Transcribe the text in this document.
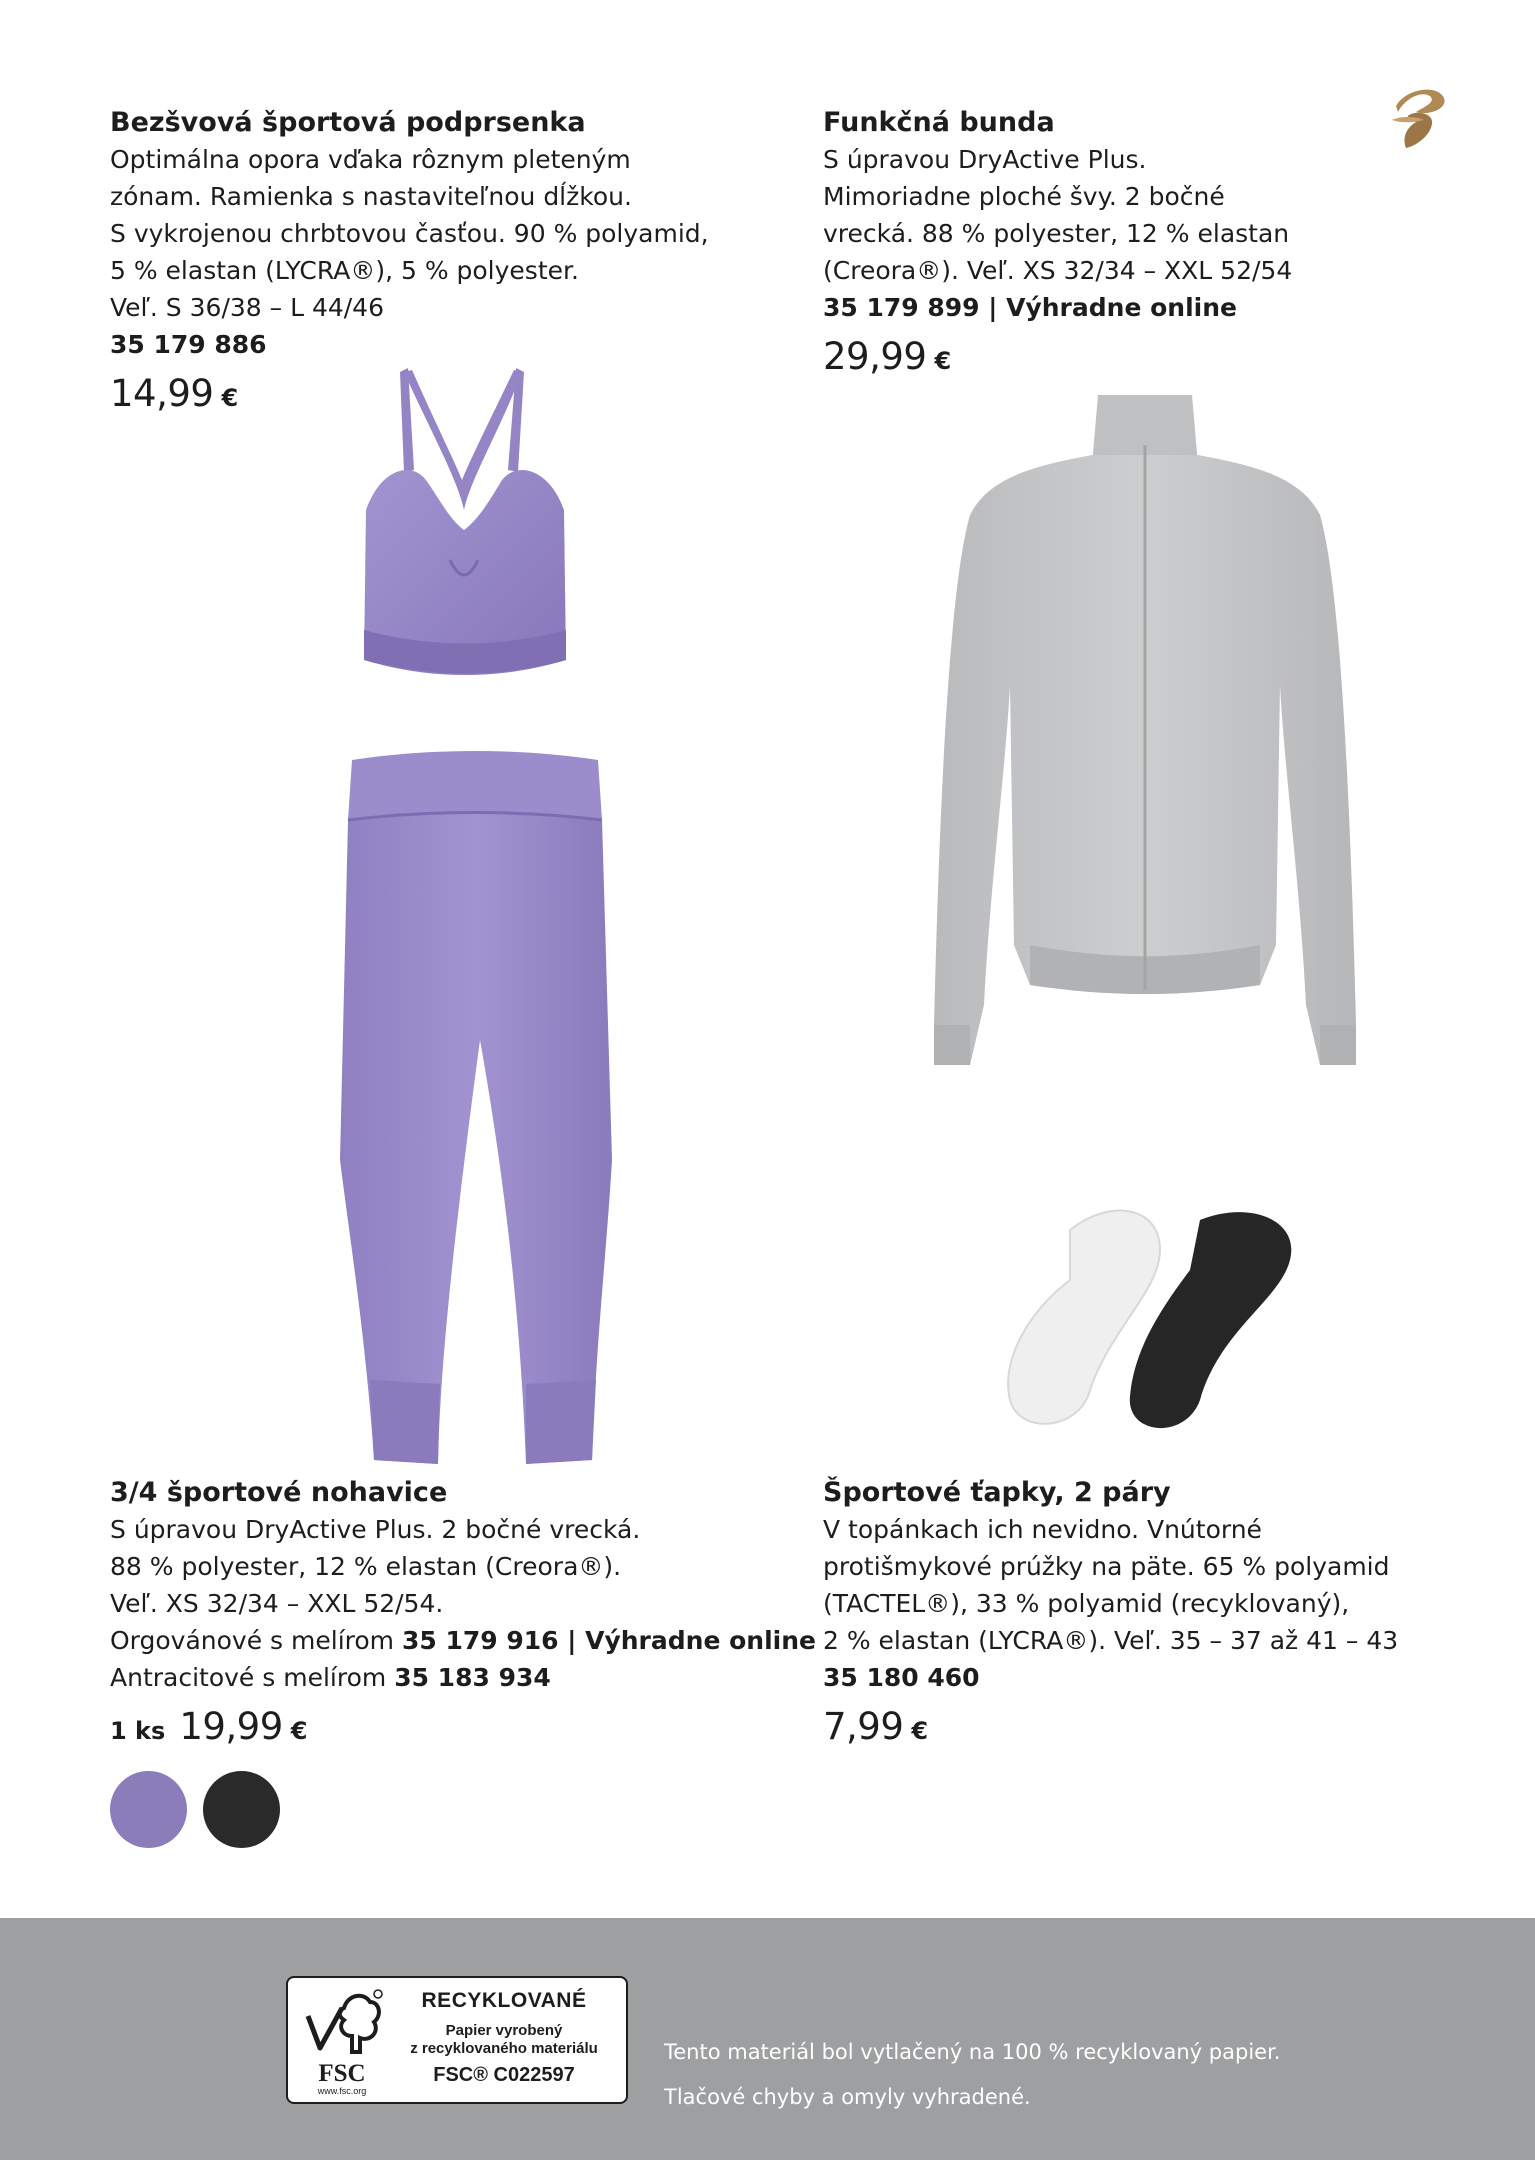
Bezšvová športová podprsenka
Optimálna opora vďaka rôznym pleteným
zónam. Ramienka s nastaviteľnou dĺžkou.
S vykrojenou chrbtovou časťou. 90 % polyamid,
5 % elastan (LYCRA®), 5 % polyester.
Veľ. S 36/38 – L 44/46
35 179 886
14,99 €
Funkčná bunda
S úpravou DryActive Plus.
Mimoriadne ploché švy. 2 bočné
vrecká. 88 % polyester, 12 % elastan
(Creora®). Veľ. XS 32/34 – XXL 52/54
35 179 899 | Výhradne online
29,99 €
3/4 športové nohavice
S úpravou DryActive Plus. 2 bočné vrecká.
88 % polyester, 12 % elastan (Creora®).
Veľ. XS 32/34 – XXL 52/54.
Orgovánové s melírom 35 179 916 | Výhradne online
Antracitové s melírom 35 183 934
1 ks 19,99 €
Športové ťapky, 2 páry
V topánkach ich nevidno. Vnútorné
protišmykové prúžky na päte. 65 % polyamid
(TACTEL®), 33 % polyamid (recyklovaný),
2 % elastan (LYCRA®). Veľ. 35 – 37 až 41 – 43
35 180 460
7,99 €
FSC
www.fsc.org
RECYKLOVANÉ
Papier vyrobený
z recyklovaného materiálu
FSC® C022597
Tento materiál bol vytlačený na 100 % recyklovaný papier.
Tlačové chyby a omyly vyhradené.
